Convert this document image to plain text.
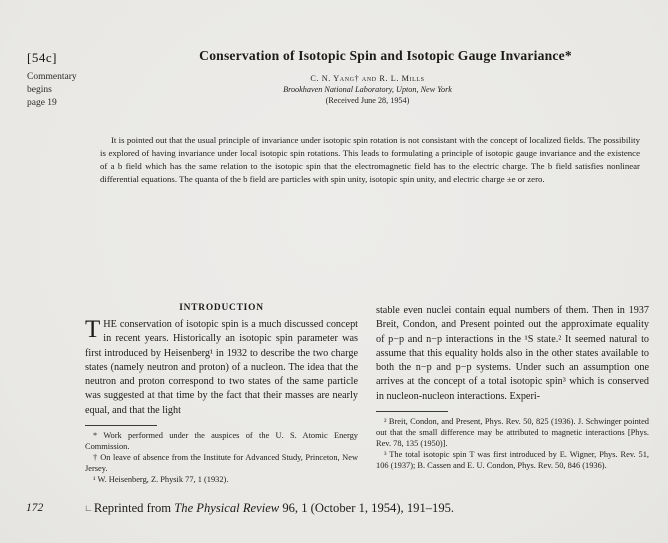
[54c]
Commentary
begins
page 19
Conservation of Isotopic Spin and Isotopic Gauge Invariance*
C. N. Yang† and R. L. Mills
Brookhaven National Laboratory, Upton, New York
(Received June 28, 1954)

It is pointed out that the usual principle of invariance under isotopic spin rotation is not consistant with the concept of localized fields. The possibility is explored of having invariance under local isotopic spin rotations. This leads to formulating a principle of isotopic gauge invariance and the existence of a b field which has the same relation to the isotopic spin that the electromagnetic field has to the electric charge. The b field satisfies nonlinear differential equations. The quanta of the b field are particles with spin unity, isotopic spin unity, and electric charge ±e or zero.

INTRODUCTION

THE conservation of isotopic spin is a much discussed concept in recent years. Historically an isotopic spin parameter was first introduced by Heisenberg¹ in 1932 to describe the two charge states (namely neutron and proton) of a nucleon. The idea that the neutron and proton correspond to two states of the same particle was suggested at that time by the fact that their masses are nearly equal, and that the light

* Work performed under the auspices of the U. S. Atomic Energy Commission.
† On leave of absence from the Institute for Advanced Study, Princeton, New Jersey.
¹ W. Heisenberg, Z. Physik 77, 1 (1932).

stable even nuclei contain equal numbers of them. Then in 1937 Breit, Condon, and Present pointed out the approximate equality of p−p and n−p interactions in the ¹S state.² It seemed natural to assume that this equality holds also in the other states available to both the n−p and p−p systems. Under such an assumption one arrives at the concept of a total isotopic spin³ which is conserved in nucleon-nucleon interactions. Experi-

² Breit, Condon, and Present, Phys. Rev. 50, 825 (1936). J. Schwinger pointed out that the small difference may be attributed to magnetic interactions [Phys. Rev. 78, 135 (1950)].
³ The total isotopic spin T was first introduced by E. Wigner, Phys. Rev. 51, 106 (1937); B. Cassen and E. U. Condon, Phys. Rev. 50, 846 (1936).
172	∟Reprinted from The Physical Review 96, 1 (October 1, 1954), 191–195.
